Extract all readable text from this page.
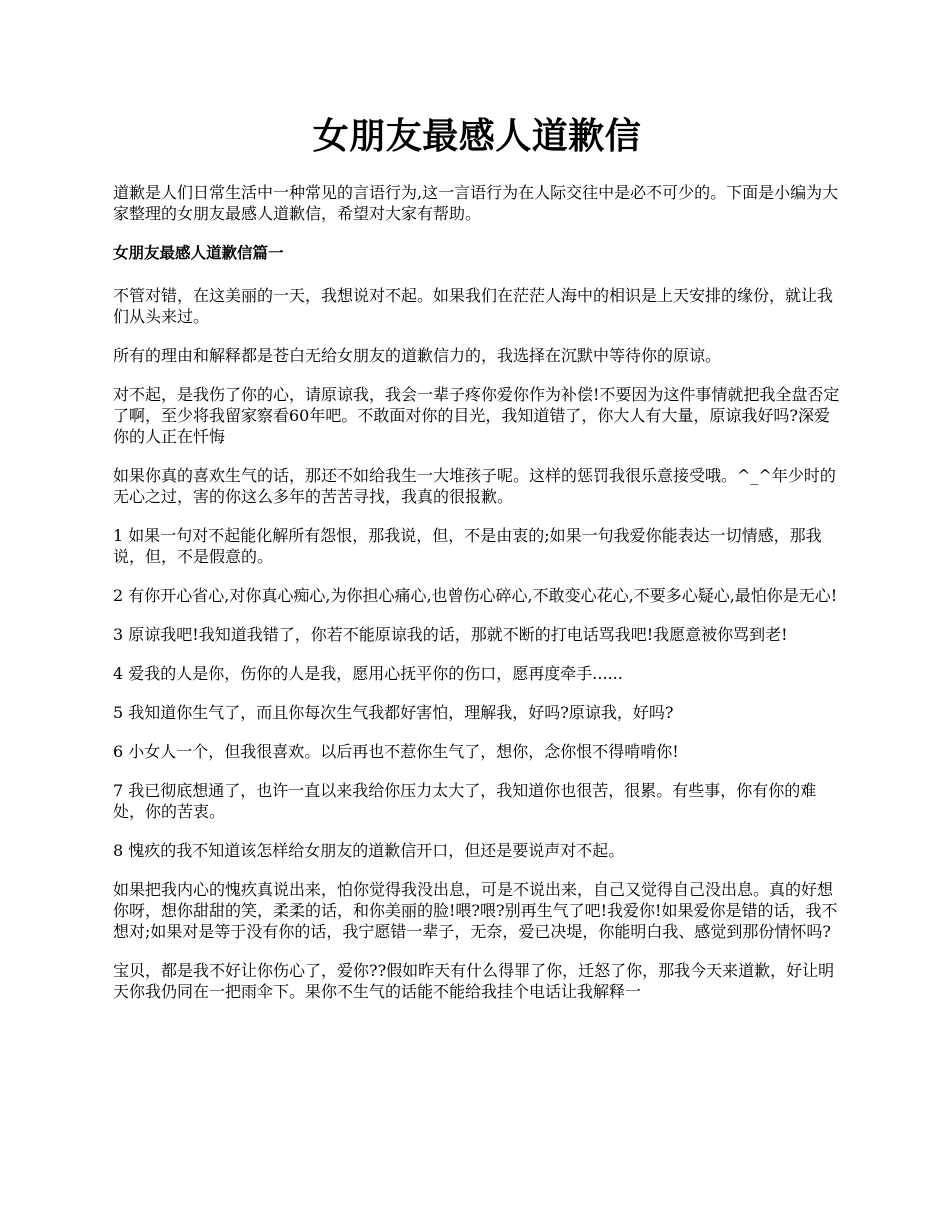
女朋友最感人道歉信

道歉是人们日常生活中一种常见的言语行为,这一言语行为在人际交往中是必不可少的。下面是小编为大家整理的女朋友最感人道歉信，希望对大家有帮助。

女朋友最感人道歉信篇一

不管对错，在这美丽的一天，我想说对不起。如果我们在茫茫人海中的相识是上天安排的缘份，就让我们从头来过。

所有的理由和解释都是苍白无给女朋友的道歉信力的，我选择在沉默中等待你的原谅。

对不起，是我伤了你的心，请原谅我，我会一辈子疼你爱你作为补偿!不要因为这件事情就把我全盘否定了啊，至少将我留家察看60年吧。不敢面对你的目光，我知道错了，你大人有大量，原谅我好吗?深爱你的人正在忏悔

如果你真的喜欢生气的话，那还不如给我生一大堆孩子呢。这样的惩罚我很乐意接受哦。^_^年少时的无心之过，害的你这么多年的苦苦寻找，我真的很报歉。

1 如果一句对不起能化解所有怨恨，那我说，但，不是由衷的;如果一句我爱你能表达一切情感，那我说，但，不是假意的。

2 有你开心省心,对你真心痴心,为你担心痛心,也曾伤心碎心,不敢变心花心,不要多心疑心,最怕你是无心!

3 原谅我吧!我知道我错了，你若不能原谅我的话，那就不断的打电话骂我吧!我愿意被你骂到老!

4 爱我的人是你，伤你的人是我，愿用心抚平你的伤口，愿再度牵手......

5 我知道你生气了，而且你每次生气我都好害怕，理解我，好吗?原谅我，好吗?

6 小女人一个，但我很喜欢。以后再也不惹你生气了，想你，念你恨不得啃啃你!

7 我已彻底想通了，也许一直以来我给你压力太大了，我知道你也很苦，很累。有些事，你有你的难处，你的苦衷。

8 愧疚的我不知道该怎样给女朋友的道歉信开口，但还是要说声对不起。

如果把我内心的愧疚真说出来，怕你觉得我没出息，可是不说出来，自己又觉得自己没出息。真的好想你呀，想你甜甜的笑，柔柔的话，和你美丽的脸!喂?喂?别再生气了吧!我爱你!如果爱你是错的话，我不想对;如果对是等于没有你的话，我宁愿错一辈子，无奈，爱已决堤，你能明白我、感觉到那份情怀吗?

宝贝，都是我不好让你伤心了，爱你??假如昨天有什么得罪了你，迁怒了你，那我今天来道歉，好让明天你我仍同在一把雨伞下。果你不生气的话能不能给我挂个电话让我解释一
